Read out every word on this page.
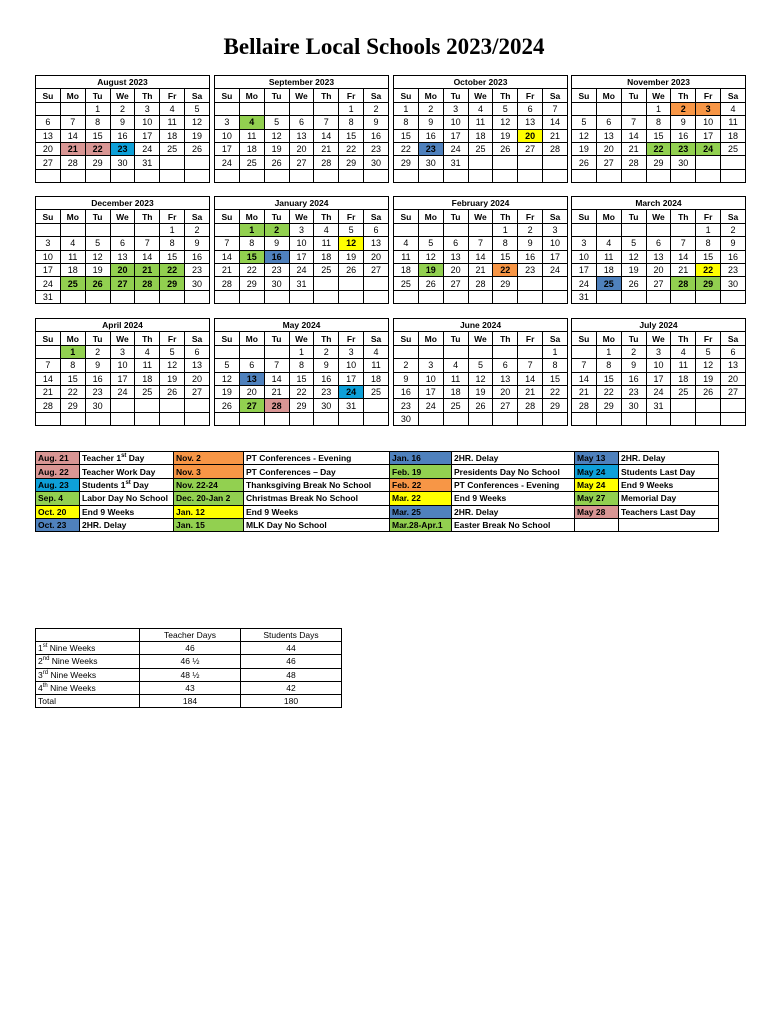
Bellaire Local Schools 2023/2024
August 2023						
Su	Mo	Tu	We	Th	Fr	Sa
		1	2	3	4	5
6	7	8	9	10	11	12
13	14	15	16	17	18	19
20	21	22	23	24	25	26
27	28	29	30	31		

September 2023						
Su	Mo	Tu	We	Th	Fr	Sa
					1	2
3	4	5	6	7	8	9
10	11	12	13	14	15	16
17	18	19	20	21	22	23
24	25	26	27	28	29	30

October 2023						
Su	Mo	Tu	We	Th	Fr	Sa
1	2	3	4	5	6	7
8	9	10	11	12	13	14
15	16	17	18	19	20	21
22	23	24	25	26	27	28
29	30	31				

November 2023						
Su	Mo	Tu	We	Th	Fr	Sa
			1	2	3	4
5	6	7	8	9	10	11
12	13	14	15	16	17	18
19	20	21	22	23	24	25
26	27	28	29	30		

December 2023						
Su	Mo	Tu	We	Th	Fr	Sa
					1	2
3	4	5	6	7	8	9
10	11	12	13	14	15	16
17	18	19	20	21	22	23
24	25	26	27	28	29	30
31						
January 2024						
Su	Mo	Tu	We	Th	Fr	Sa
	1	2	3	4	5	6
7	8	9	10	11	12	13
14	15	16	17	18	19	20
21	22	23	24	25	26	27
28	29	30	31			

February 2024						
Su	Mo	Tu	We	Th	Fr	Sa
				1	2	3
4	5	6	7	8	9	10
11	12	13	14	15	16	17
18	19	20	21	22	23	24
25	26	27	28	29		

March 2024						
Su	Mo	Tu	We	Th	Fr	Sa
					1	2
3	4	5	6	7	8	9
10	11	12	13	14	15	16
17	18	19	20	21	22	23
24	25	26	27	28	29	30
31						
April 2024						
Su	Mo	Tu	We	Th	Fr	Sa
	1	2	3	4	5	6
7	8	9	10	11	12	13
14	15	16	17	18	19	20
21	22	23	24	25	26	27
28	29	30				

May 2024						
Su	Mo	Tu	We	Th	Fr	Sa
			1	2	3	4
5	6	7	8	9	10	11
12	13	14	15	16	17	18
19	20	21	22	23	24	25
26	27	28	29	30	31	

June 2024						
Su	Mo	Tu	We	Th	Fr	Sa
						1
2	3	4	5	6	7	8
9	10	11	12	13	14	15
16	17	18	19	20	21	22
23	24	25	26	27	28	29
30						
July 2024						
Su	Mo	Tu	We	Th	Fr	Sa
	1	2	3	4	5	6
7	8	9	10	11	12	13
14	15	16	17	18	19	20
21	22	23	24	25	26	27
28	29	30	31			

Aug. 21	Teacher 1st Day	Nov. 2	PT Conferences - Evening	Jan. 16	2HR. Delay	May 13	2HR. Delay
Aug. 22	Teacher Work Day	Nov. 3	PT Conferences – Day	Feb. 19	Presidents Day No School	May 24	Students Last Day
Aug. 23	Students 1st Day	Nov. 22-24	Thanksgiving Break No School	Feb. 22	PT Conferences - Evening	May 24	End 9 Weeks
Sep. 4	Labor Day No School	Dec. 20-Jan 2	Christmas Break No School	Mar. 22	End 9 Weeks	May 27	Memorial Day
Oct. 20	End 9 Weeks	Jan. 12	End 9 Weeks	Mar. 25	2HR. Delay	May 28	Teachers Last Day
Oct. 23	2HR. Delay	Jan. 15	MLK Day No School	Mar.28-Apr.1	Easter Break No School		
	Teacher Days	Students Days
1st Nine Weeks	46	44
2nd Nine Weeks	46 ½	46
3rd Nine Weeks	48 ½	48
4th Nine Weeks	43	42
Total	184	180
